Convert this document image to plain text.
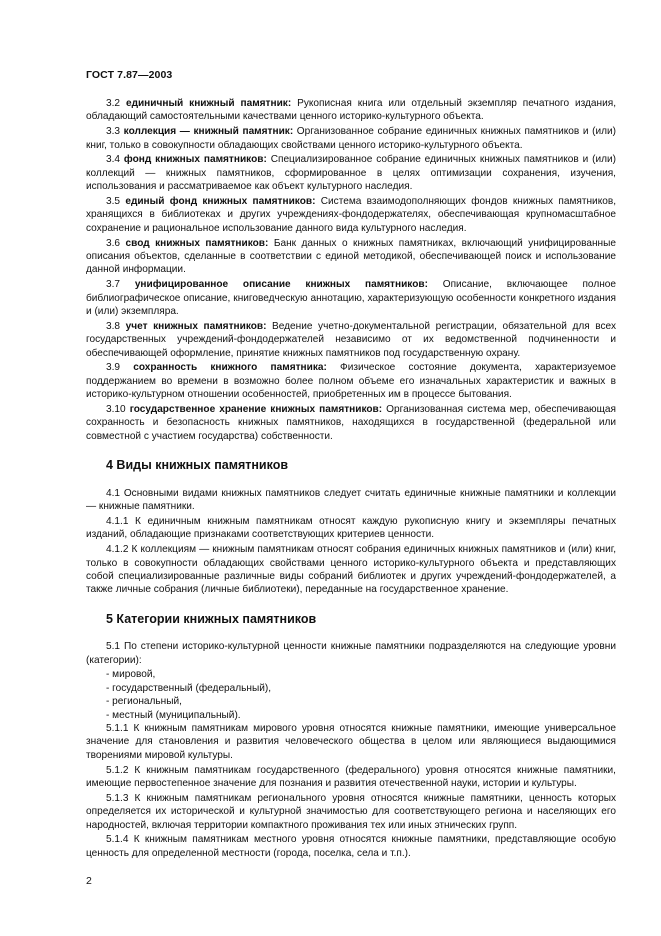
ГОСТ 7.87—2003

3.2 единичный книжный памятник: Рукописная книга или отдельный экземпляр печатного издания, обладающий самостоятельными качествами ценного историко-культурного объекта.

3.3 коллекция — книжный памятник: Организованное собрание единичных книжных памятников и (или) книг, только в совокупности обладающих свойствами ценного историко-культурного объекта.

3.4 фонд книжных памятников: Специализированное собрание единичных книжных памятников и (или) коллекций — книжных памятников, сформированное в целях оптимизации сохранения, изучения, использования и рассматриваемое как объект культурного наследия.

3.5 единый фонд книжных памятников: Система взаимодополняющих фондов книжных памятников, хранящихся в библиотеках и других учреждениях-фондодержателях, обеспечивающая крупномасштабное сохранение и рациональное использование данного вида культурного наследия.

3.6 свод книжных памятников: Банк данных о книжных памятниках, включающий унифицированные описания объектов, сделанные в соответствии с единой методикой, обеспечивающей поиск и использование данной информации.

3.7 унифицированное описание книжных памятников: Описание, включающее полное библиографическое описание, книговедческую аннотацию, характеризующую особенности конкретного издания и (или) экземпляра.

3.8 учет книжных памятников: Ведение учетно-документальной регистрации, обязательной для всех государственных учреждений-фондодержателей независимо от их ведомственной подчиненности и обеспечивающей оформление, принятие книжных памятников под государственную охрану.

3.9 сохранность книжного памятника: Физическое состояние документа, характеризуемое поддержанием во времени в возможно более полном объеме его изначальных характеристик и важных в историко-культурном отношении особенностей, приобретенных им в процессе бытования.

3.10 государственное хранение книжных памятников: Организованная система мер, обеспечивающая сохранность и безопасность книжных памятников, находящихся в государственной (федеральной или совместной с участием государства) собственности.

4 Виды книжных памятников

4.1 Основными видами книжных памятников следует считать единичные книжные памятники и коллекции — книжные памятники.

4.1.1 К единичным книжным памятникам относят каждую рукописную книгу и экземпляры печатных изданий, обладающие признаками соответствующих критериев ценности.

4.1.2 К коллекциям — книжным памятникам относят собрания единичных книжных памятников и (или) книг, только в совокупности обладающих свойствами ценного историко-культурного объекта и представляющих собой специализированные различные виды собраний библиотек и других учреждений-фондодержателей, а также личные собрания (личные библиотеки), переданные на государственное хранение.

5 Категории книжных памятников

5.1 По степени историко-культурной ценности книжные памятники подразделяются на следующие уровни (категории):

- мировой,

- государственный (федеральный),

- региональный,

- местный (муниципальный).

5.1.1 К книжным памятникам мирового уровня относятся книжные памятники, имеющие универсальное значение для становления и развития человеческого общества в целом или являющиеся выдающимися творениями мировой культуры.

5.1.2 К книжным памятникам государственного (федерального) уровня относятся книжные памятники, имеющие первостепенное значение для познания и развития отечественной науки, истории и культуры.

5.1.3 К книжным памятникам регионального уровня относятся книжные памятники, ценность которых определяется их исторической и культурной значимостью для соответствующего региона и населяющих его народностей, включая территории компактного проживания тех или иных этнических групп.

5.1.4 К книжным памятникам местного уровня относятся книжные памятники, представляющие особую ценность для определенной местности (города, поселка, села и т.п.).

2
